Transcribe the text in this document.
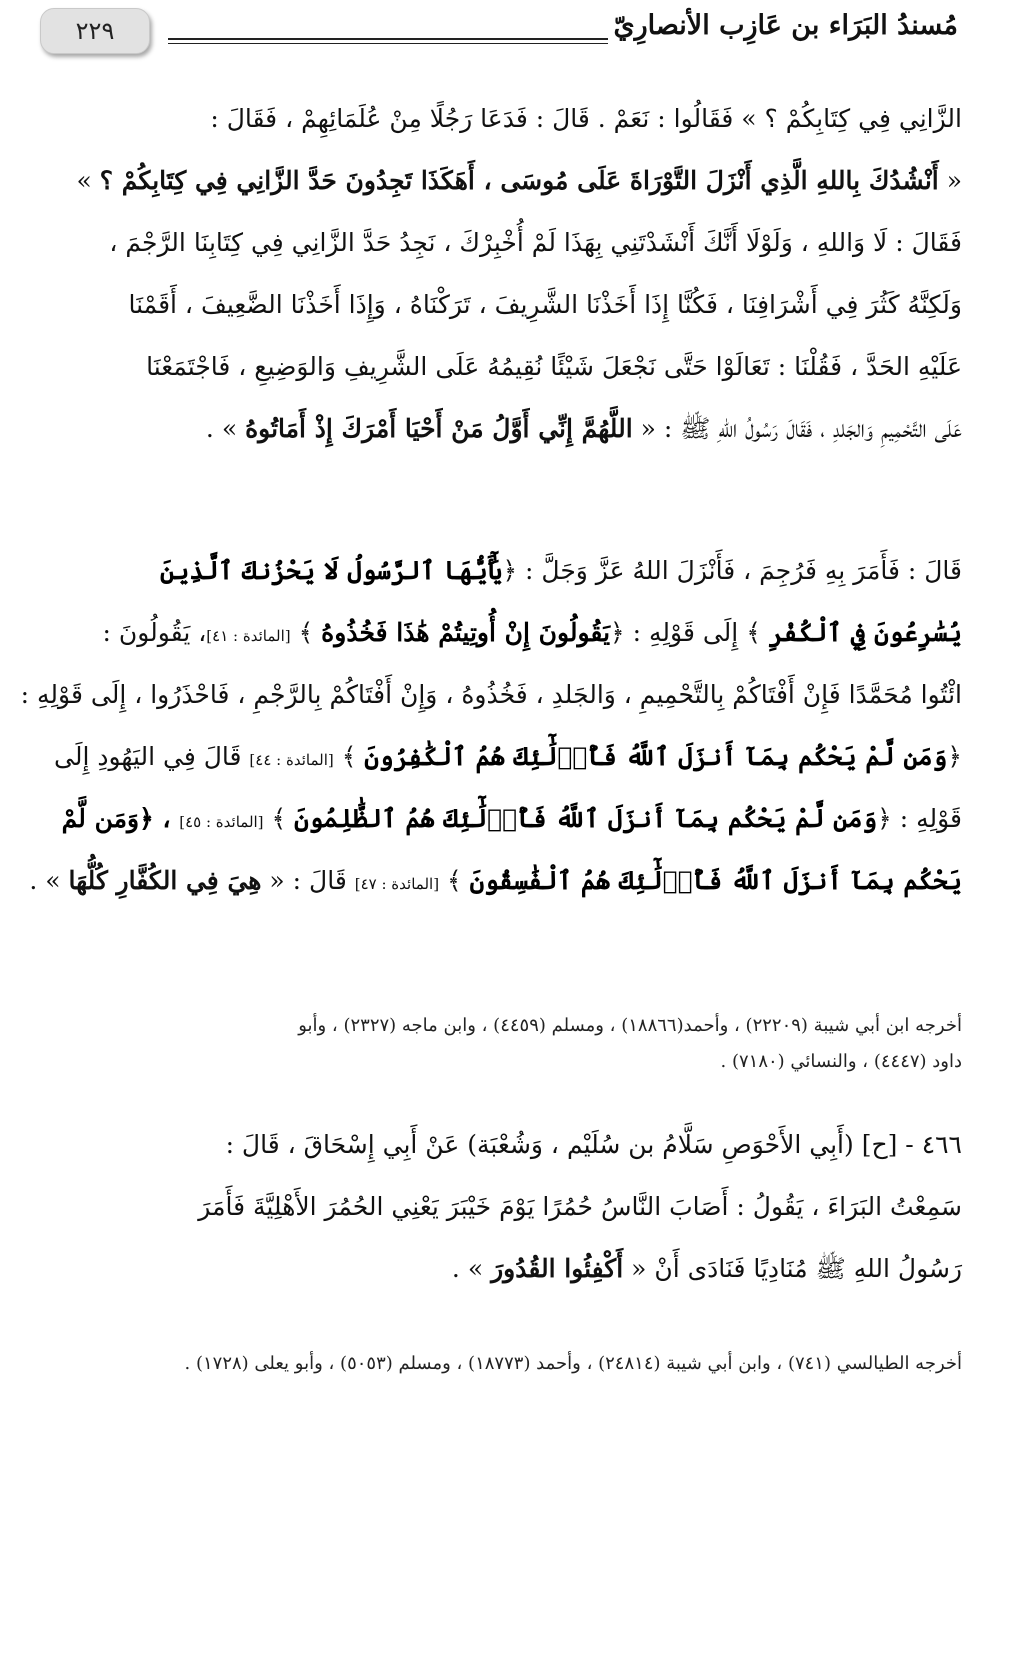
٢٢٩	مُسندُ البَرَاء بن عَازِب الأنصارِيّ
الزَّانِي فِي كِتَابِكُمْ ؟ » فَقَالُوا : نَعَمْ . قَالَ : فَدَعَا رَجُلًا مِنْ عُلَمَائِهِمْ ، فَقَالَ :
« أَنْشُدُكَ بِاللهِ الَّذِي أَنْزَلَ التَّوْرَاةَ عَلَى مُوسَى ، أَهَكَذَا تَجِدُونَ حَدَّ الزَّانِي فِي كِتَابِكُمْ ؟ »
فَقَالَ : لَا وَاللهِ ، وَلَوْلَا أَنَّكَ أَنْشَدْتَنِي بِهَذَا لَمْ أُخْبِرْكَ ، نَجِدُ حَدَّ الزَّانِي فِي كِتَابِنَا الرَّجْمَ ،
وَلَكِنَّهُ كَثُرَ فِي أَشْرَافِنَا ، فَكُنَّا إِذَا أَخَذْنَا الشَّرِيفَ ، تَرَكْنَاهُ ، وَإِذَا أَخَذْنَا الضَّعِيفَ ، أَقَمْنَا
عَلَيْهِ الحَدَّ ، فَقُلْنَا : تَعَالَوْا حَتَّى نَجْعَلَ شَيْئًا نُقِيمُهُ عَلَى الشَّرِيفِ وَالوَضِيعِ ، فَاجْتَمَعْنَا
عَلَى التَّحْمِيمِ وَالجَلدِ ، فَقَالَ رَسُولُ اللهِ ﷺ : « اللَّهُمَّ إِنِّي أَوَّلُ مَنْ أَحْيَا أَمْرَكَ إِذْ أَمَاتُوهُ » .
قَالَ : فَأَمَرَ بِهِ فَرُجِمَ ، فَأَنْزَلَ اللهُ عَزَّ وَجَلَّ : ﴿يَٰٓأَيُّهَا ٱلرَّسُولُ لَا يَحْزُنكَ ٱلَّذِينَ
يُسَٰرِعُونَ فِي ٱلْكُفْرِ ﴾ إِلَى قَوْلِهِ : ﴿يَقُولُونَ إِنْ أُوتِيتُمْ هَٰذَا فَخُذُوهُ ﴾ [المائدة : ٤١]، يَقُولُونَ :
ائْتُوا مُحَمَّدًا فَإِنْ أَفْتَاكُمْ بِالتَّحْمِيمِ ، وَالجَلدِ ، فَخُذُوهُ ، وَإِنْ أَفْتَاكُمْ بِالرَّجْمِ ، فَاحْذَرُوا ، إِلَى قَوْلِهِ :
﴿وَمَن لَّمْ يَحْكُم بِمَآ أَنزَلَ ٱللَّهُ فَأُو۟لَٰٓئِكَ هُمُ ٱلْكَٰفِرُونَ ﴾ [المائدة : ٤٤] قَالَ فِي اليَهُودِ إِلَى
قَوْلِهِ : ﴿وَمَن لَّمْ يَحْكُم بِمَآ أَنزَلَ ٱللَّهُ فَأُو۟لَٰٓئِكَ هُمُ ٱلظَّٰلِمُونَ ﴾ [المائدة : ٤٥] ، ﴿وَمَن لَّمْ
يَحْكُم بِمَآ أَنزَلَ ٱللَّهُ فَأُو۟لَٰٓئِكَ هُمُ ٱلْفَٰسِقُونَ ﴾ [المائدة : ٤٧] قَالَ : « هِيَ فِي الكُفَّارِ كُلُّهَا » .
أخرجه ابن أبي شيبة (٢٢٢٠٩) ، وأحمد(١٨٨٦٦) ، ومسلم (٤٤٥٩) ، وابن ماجه (٢٣٢٧) ، وأبو
داود (٤٤٤٧) ، والنسائي (٧١٨٠) .
٤٦٦ - [ح] (أَبِي الأَحْوَصِ سَلَّامُ بن سُلَيْم ، وَشُعْبَة) عَنْ أَبِي إِسْحَاقَ ، قَالَ :
سَمِعْتُ البَرَاءَ ، يَقُولُ : أَصَابَ النَّاسُ حُمُرًا يَوْمَ خَيْبَرَ يَعْنِي الحُمُرَ الأَهْلِيَّةَ فَأَمَرَ
رَسُولُ اللهِ ﷺ مُنَادِيًا فَنَادَى أَنْ « أَكْفِئُوا القُدُورَ » .
أخرجه الطيالسي (٧٤١) ، وابن أبي شيبة (٢٤٨١٤) ، وأحمد (١٨٧٧٣) ، ومسلم (٥٠٥٣) ، وأبو يعلى (١٧٢٨) .
